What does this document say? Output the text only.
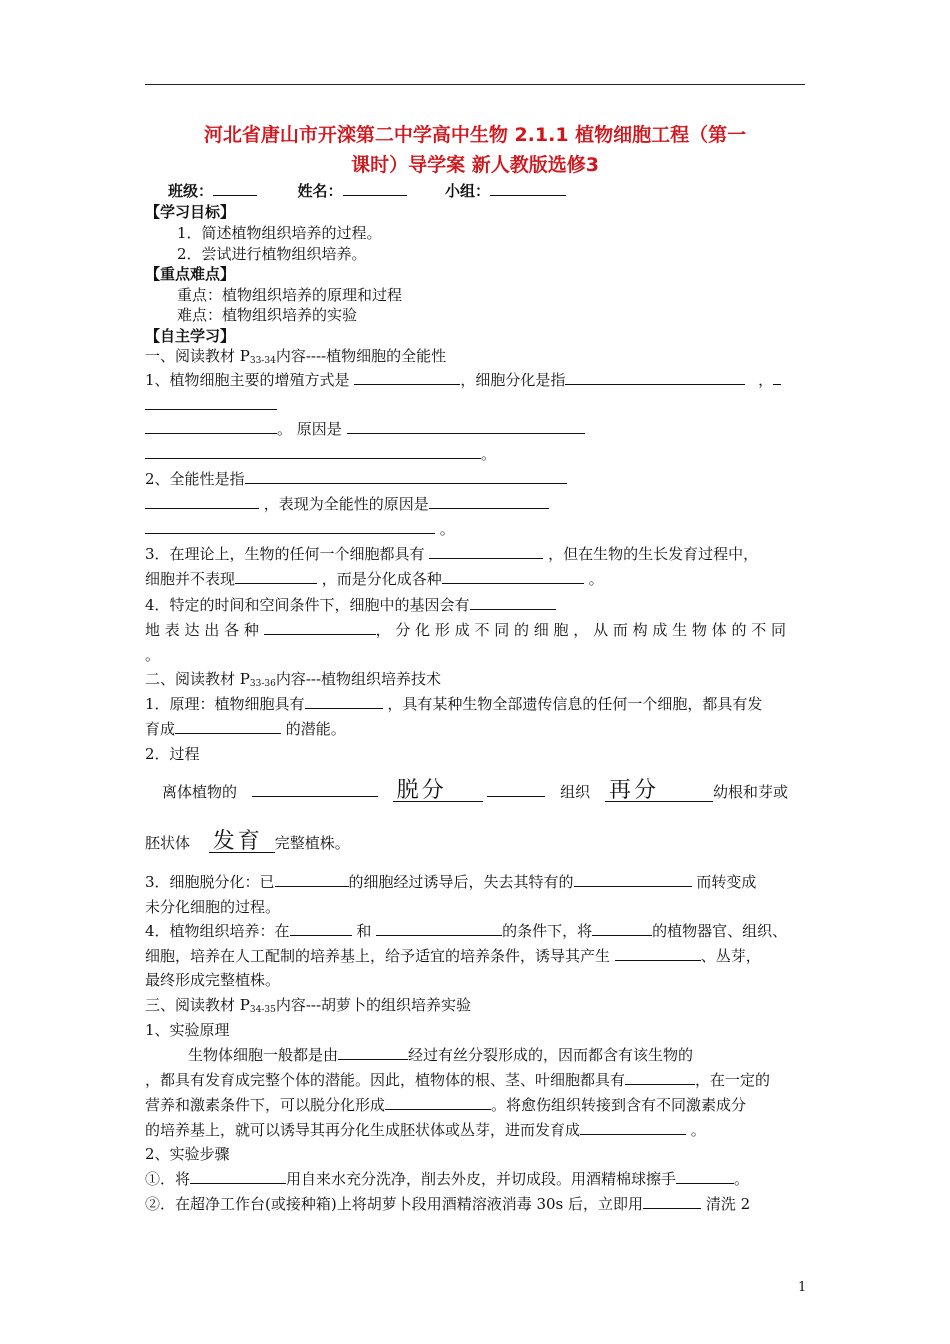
河北省唐山市开滦第二中学高中生物 2.1.1 植物细胞工程（第一
课时）导学案 新人教版选修3
班级：	姓名：	小组：
【学习目标】
1．简述植物组织培养的过程。
2．尝试进行植物组织培养。
【重点难点】
重点：植物组织培养的原理和过程
难点：植物组织培养的实验
【自主学习】
一、阅读教材 $P_{33-34}$内容----植物细胞的全能性
1、植物细胞主要的增殖方式是	，细胞分化是指	，
。 原因是
。
2、全能性是指
，表现为全能性的原因是
。
3．在理论上，生物的任何一个细胞都具有	，但在生物的生长发育过程中，
细胞并不表现	，而是分化成各种	。
4．特定的时间和空间条件下，细胞中的基因会有
地 表 达 出 各 种	， 分 化 形 成 不 同 的 细 胞 ， 从 而 构 成 生 物 体 的 不 同
。
二、阅读教材 $P_{33-36}$内容---植物组织培养技术
1．原理：植物细胞具有	，具有某种生物全部遗传信息的任何一个细胞，都具有发
育成	的潜能。
2．过程
离体植物的	脱分	组织 再分	幼根和芽或
胚状体 发育 完整植株。
3．细胞脱分化：已	的细胞经过诱导后，失去其特有的	而转变成
未分化细胞的过程。
4．植物组织培养：在	和	的条件下，将	的植物器官、组织、
细胞，培养在人工配制的培养基上，给予适宜的培养条件，诱导其产生	、丛芽，
最终形成完整植株。
三、阅读教材 $P_{34-35}$内容---胡萝卜的组织培养实验
1、实验原理
生物体细胞一般都是由	经过有丝分裂形成的，因而都含有该生物的
，都具有发育成完整个体的潜能。因此，植物体的根、茎、叶细胞都具有	，在一定的
营养和激素条件下，可以脱分化形成	。将愈伤组织转接到含有不同激素成分
的培养基上，就可以诱导其再分化生成胚状体或丛芽，进而发育成	。
2、实验步骤
①．将	用自来水充分洗净，削去外皮，并切成段。用酒精棉球擦手	。
②．在超净工作台(或接种箱)上将胡萝卜段用酒精溶液消毒 30s 后，立即用	清洗 2
1
